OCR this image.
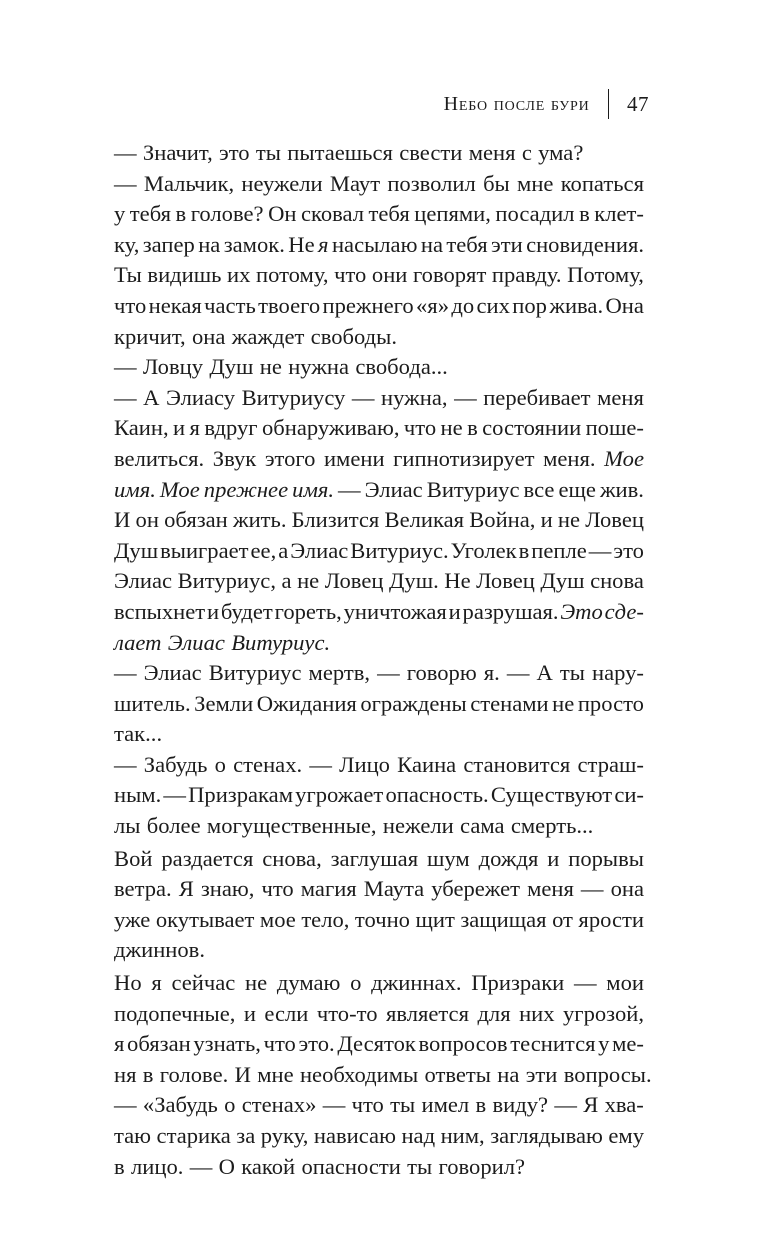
Небо после бури 47
— Значит, это ты пытаешься свести меня с ума?
— Мальчик, неужели Маут позволил бы мне копаться
у тебя в голове? Он сковал тебя цепями, посадил в клет-
ку, запер на замок. Не я насылаю на тебя эти сновидения.
Ты видишь их потому, что они говорят правду. Потому,
что некая часть твоего прежнего «я» до сих пор жива. Она
кричит, она жаждет свободы.
— Ловцу Душ не нужна свобода...
— А Элиасу Витуриусу — нужна, — перебивает меня
Каин, и я вдруг обнаруживаю, что не в состоянии поше-
велиться. Звук этого имени гипнотизирует меня. Мое
имя. Мое прежнее имя. — Элиас Витуриус все еще жив.
И он обязан жить. Близится Великая Война, и не Ловец
Душ выиграет ее, а Элиас Витуриус. Уголек в пепле — это
Элиас Витуриус, а не Ловец Душ. Не Ловец Душ снова
вспыхнет и будет гореть, уничтожая и разрушая. Это сде-
лает Элиас Витуриус.
— Элиас Витуриус мертв, — говорю я. — А ты нару-
шитель. Земли Ожидания ограждены стенами не просто
так...
— Забудь о стенах. — Лицо Каина становится страш-
ным. — Призракам угрожает опасность. Существуют си-
лы более могущественные, нежели сама смерть...
Вой раздается снова, заглушая шум дождя и порывы
ветра. Я знаю, что магия Маута убережет меня — она
уже окутывает мое тело, точно щит защищая от ярости
джиннов.
Но я сейчас не думаю о джиннах. Призраки — мои
подопечные, и если что-то является для них угрозой,
я обязан узнать, что это. Десяток вопросов теснится у ме-
ня в голове. И мне необходимы ответы на эти вопросы.
— «Забудь о стенах» — что ты имел в виду? — Я хва-
таю старика за руку, нависаю над ним, заглядываю ему
в лицо. — О какой опасности ты говорил?
